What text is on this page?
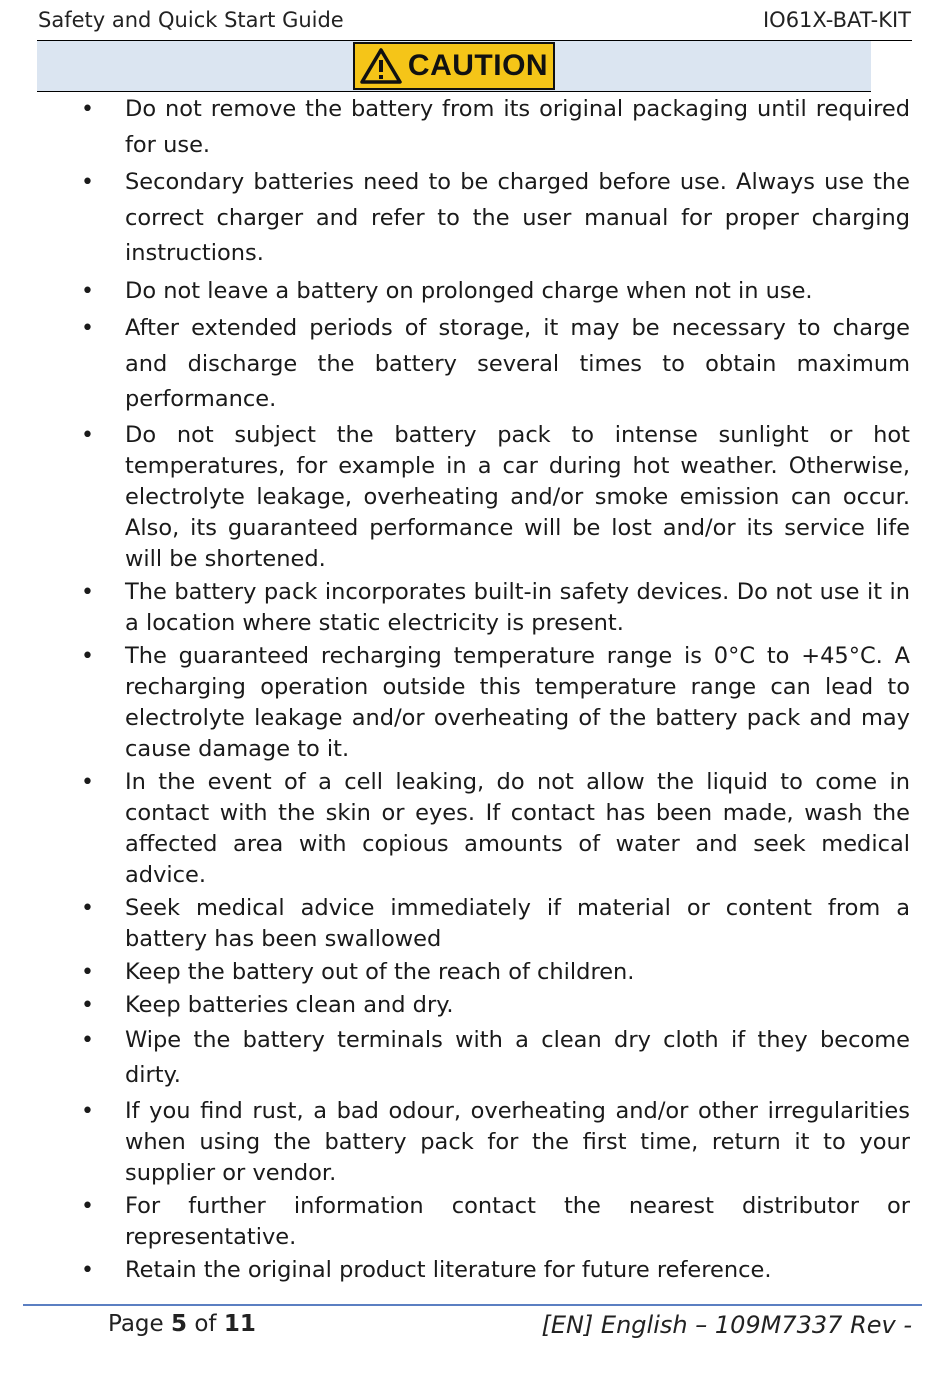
Safety and Quick Start Guide	IO61X-BAT-KIT
CAUTION
• Do not remove the battery from its original packaging until required for use.
• Secondary batteries need to be charged before use. Always use the correct charger and refer to the user manual for proper charging instructions.
• Do not leave a battery on prolonged charge when not in use.
• After extended periods of storage, it may be necessary to charge and discharge the battery several times to obtain maximum performance.
• Do not subject the battery pack to intense sunlight or hot temperatures, for example in a car during hot weather. Otherwise, electrolyte leakage, overheating and/or smoke emission can occur. Also, its guaranteed performance will be lost and/or its service life will be shortened.
• The battery pack incorporates built-in safety devices. Do not use it in a location where static electricity is present.
• The guaranteed recharging temperature range is 0°C to +45°C. A recharging operation outside this temperature range can lead to electrolyte leakage and/or overheating of the battery pack and may cause damage to it.
• In the event of a cell leaking, do not allow the liquid to come in contact with the skin or eyes. If contact has been made, wash the affected area with copious amounts of water and seek medical advice.
• Seek medical advice immediately if material or content from a battery has been swallowed
• Keep the battery out of the reach of children.
• Keep batteries clean and dry.
• Wipe the battery terminals with a clean dry cloth if they become dirty.
• If you find rust, a bad odour, overheating and/or other irregularities when using the battery pack for the first time, return it to your supplier or vendor.
• For further information contact the nearest distributor or representative.
• Retain the original product literature for future reference.
Page 5 of 11	[EN] English – 109M7337 Rev -
